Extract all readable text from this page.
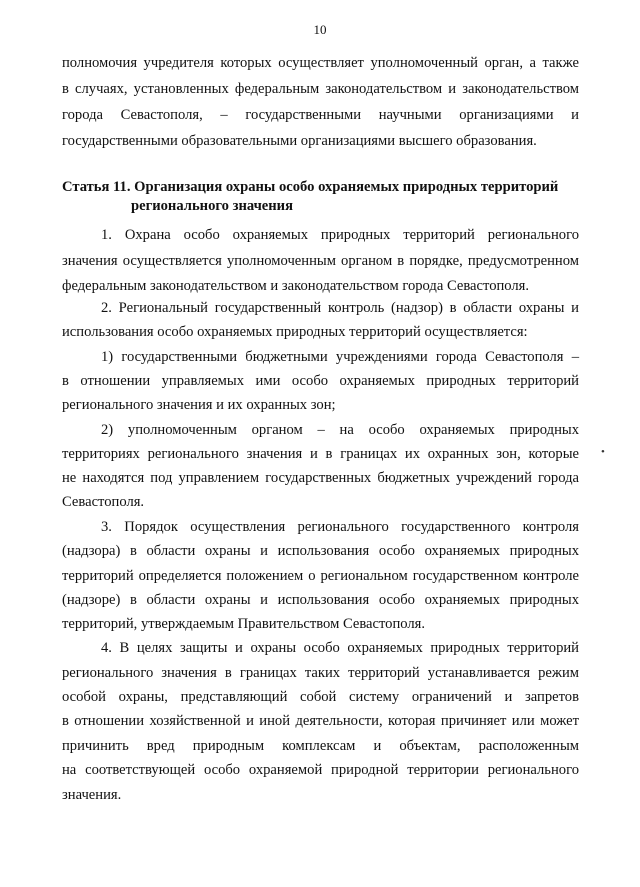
10
полномочия учредителя которых осуществляет уполномоченный орган, а также
в случаях, установленных федеральным законодательством и законодательством
города Севастополя, – государственными научными организациями и
государственными образовательными организациями высшего образования.
Статья 11. Организация охраны особо охраняемых природных территорий
регионального значения
1. Охрана особо охраняемых природных территорий регионального
значения осуществляется уполномоченным органом в порядке, предусмотренном
федеральным законодательством и законодательством города Севастополя.
2. Региональный государственный контроль (надзор) в области охраны и
использования особо охраняемых природных территорий осуществляется:
1) государственными бюджетными учреждениями города Севастополя –
в отношении управляемых ими особо охраняемых природных территорий
регионального значения и их охранных зон;
2) уполномоченным органом – на особо охраняемых природных
территориях регионального значения и в границах их охранных зон, которые
не находятся под управлением государственных бюджетных учреждений города
Севастополя.
3. Порядок осуществления регионального государственного контроля
(надзора) в области охраны и использования особо охраняемых природных
территорий определяется положением о региональном государственном контроле
(надзоре) в области охраны и использования особо охраняемых природных
территорий, утверждаемым Правительством Севастополя.
4. В целях защиты и охраны особо охраняемых природных территорий
регионального значения в границах таких территорий устанавливается режим
особой охраны, представляющий собой систему ограничений и запретов
в отношении хозяйственной и иной деятельности, которая причиняет или может
причинить вред природным комплексам и объектам, расположенным
на соответствующей особо охраняемой природной территории регионального
значения.
•
